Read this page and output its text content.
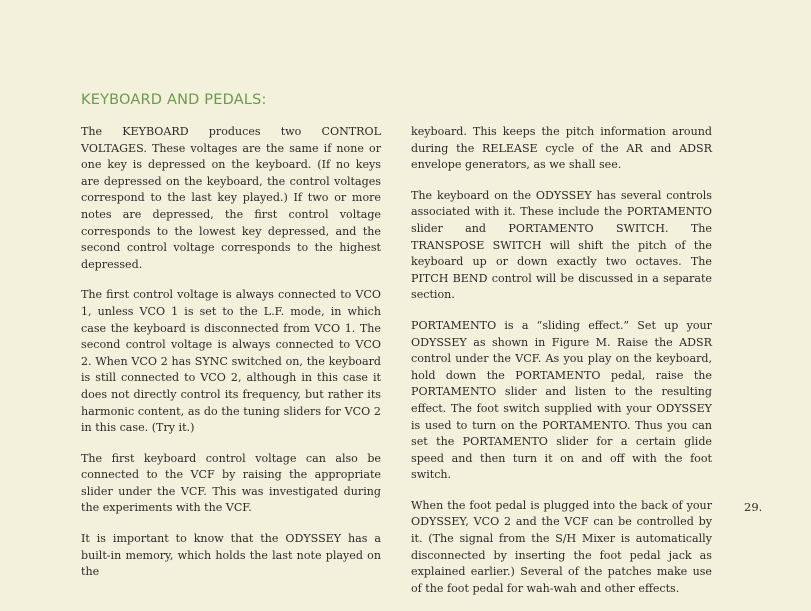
KEYBOARD AND PEDALS:

The KEYBOARD produces two CONTROL VOLTAGES. These voltages are the same if none or one key is depressed on the keyboard. (If no keys are depressed on the keyboard, the control voltages correspond to the last key played.) If two or more notes are depressed, the first control voltage corresponds to the lowest key depressed, and the second control voltage corresponds to the highest depressed.

The first control voltage is always connected to VCO 1, unless VCO 1 is set to the L.F. mode, in which case the keyboard is disconnected from VCO 1. The second control voltage is always connected to VCO 2. When VCO 2 has SYNC switched on, the keyboard is still connected to VCO 2, although in this case it does not directly control its frequency, but rather its harmonic content, as do the tuning sliders for VCO 2 in this case. (Try it.)

The first keyboard control voltage can also be connected to the VCF by raising the appropriate slider under the VCF. This was investigated during the experiments with the VCF.

It is important to know that the ODYSSEY has a built-in memory, which holds the last note played on the

keyboard. This keeps the pitch information around during the RELEASE cycle of the AR and ADSR envelope generators, as we shall see.

The keyboard on the ODYSSEY has several controls associated with it. These include the PORTAMENTO slider and PORTAMENTO SWITCH. The TRANSPOSE SWITCH will shift the pitch of the keyboard up or down exactly two octaves. The PITCH BEND control will be discussed in a separate section.

PORTAMENTO is a “sliding effect.” Set up your ODYSSEY as shown in Figure M. Raise the ADSR control under the VCF. As you play on the keyboard, hold down the PORTAMENTO pedal, raise the PORTAMENTO slider and listen to the resulting effect. The foot switch supplied with your ODYSSEY is used to turn on the PORTAMENTO. Thus you can set the PORTAMENTO slider for a certain glide speed and then turn it on and off with the foot switch.

When the foot pedal is plugged into the back of your ODYSSEY, VCO 2 and the VCF can be controlled by it. (The signal from the S/H Mixer is automatically disconnected by inserting the foot pedal jack as explained earlier.) Several of the patches make use of the foot pedal for wah-wah and other effects.

29.
